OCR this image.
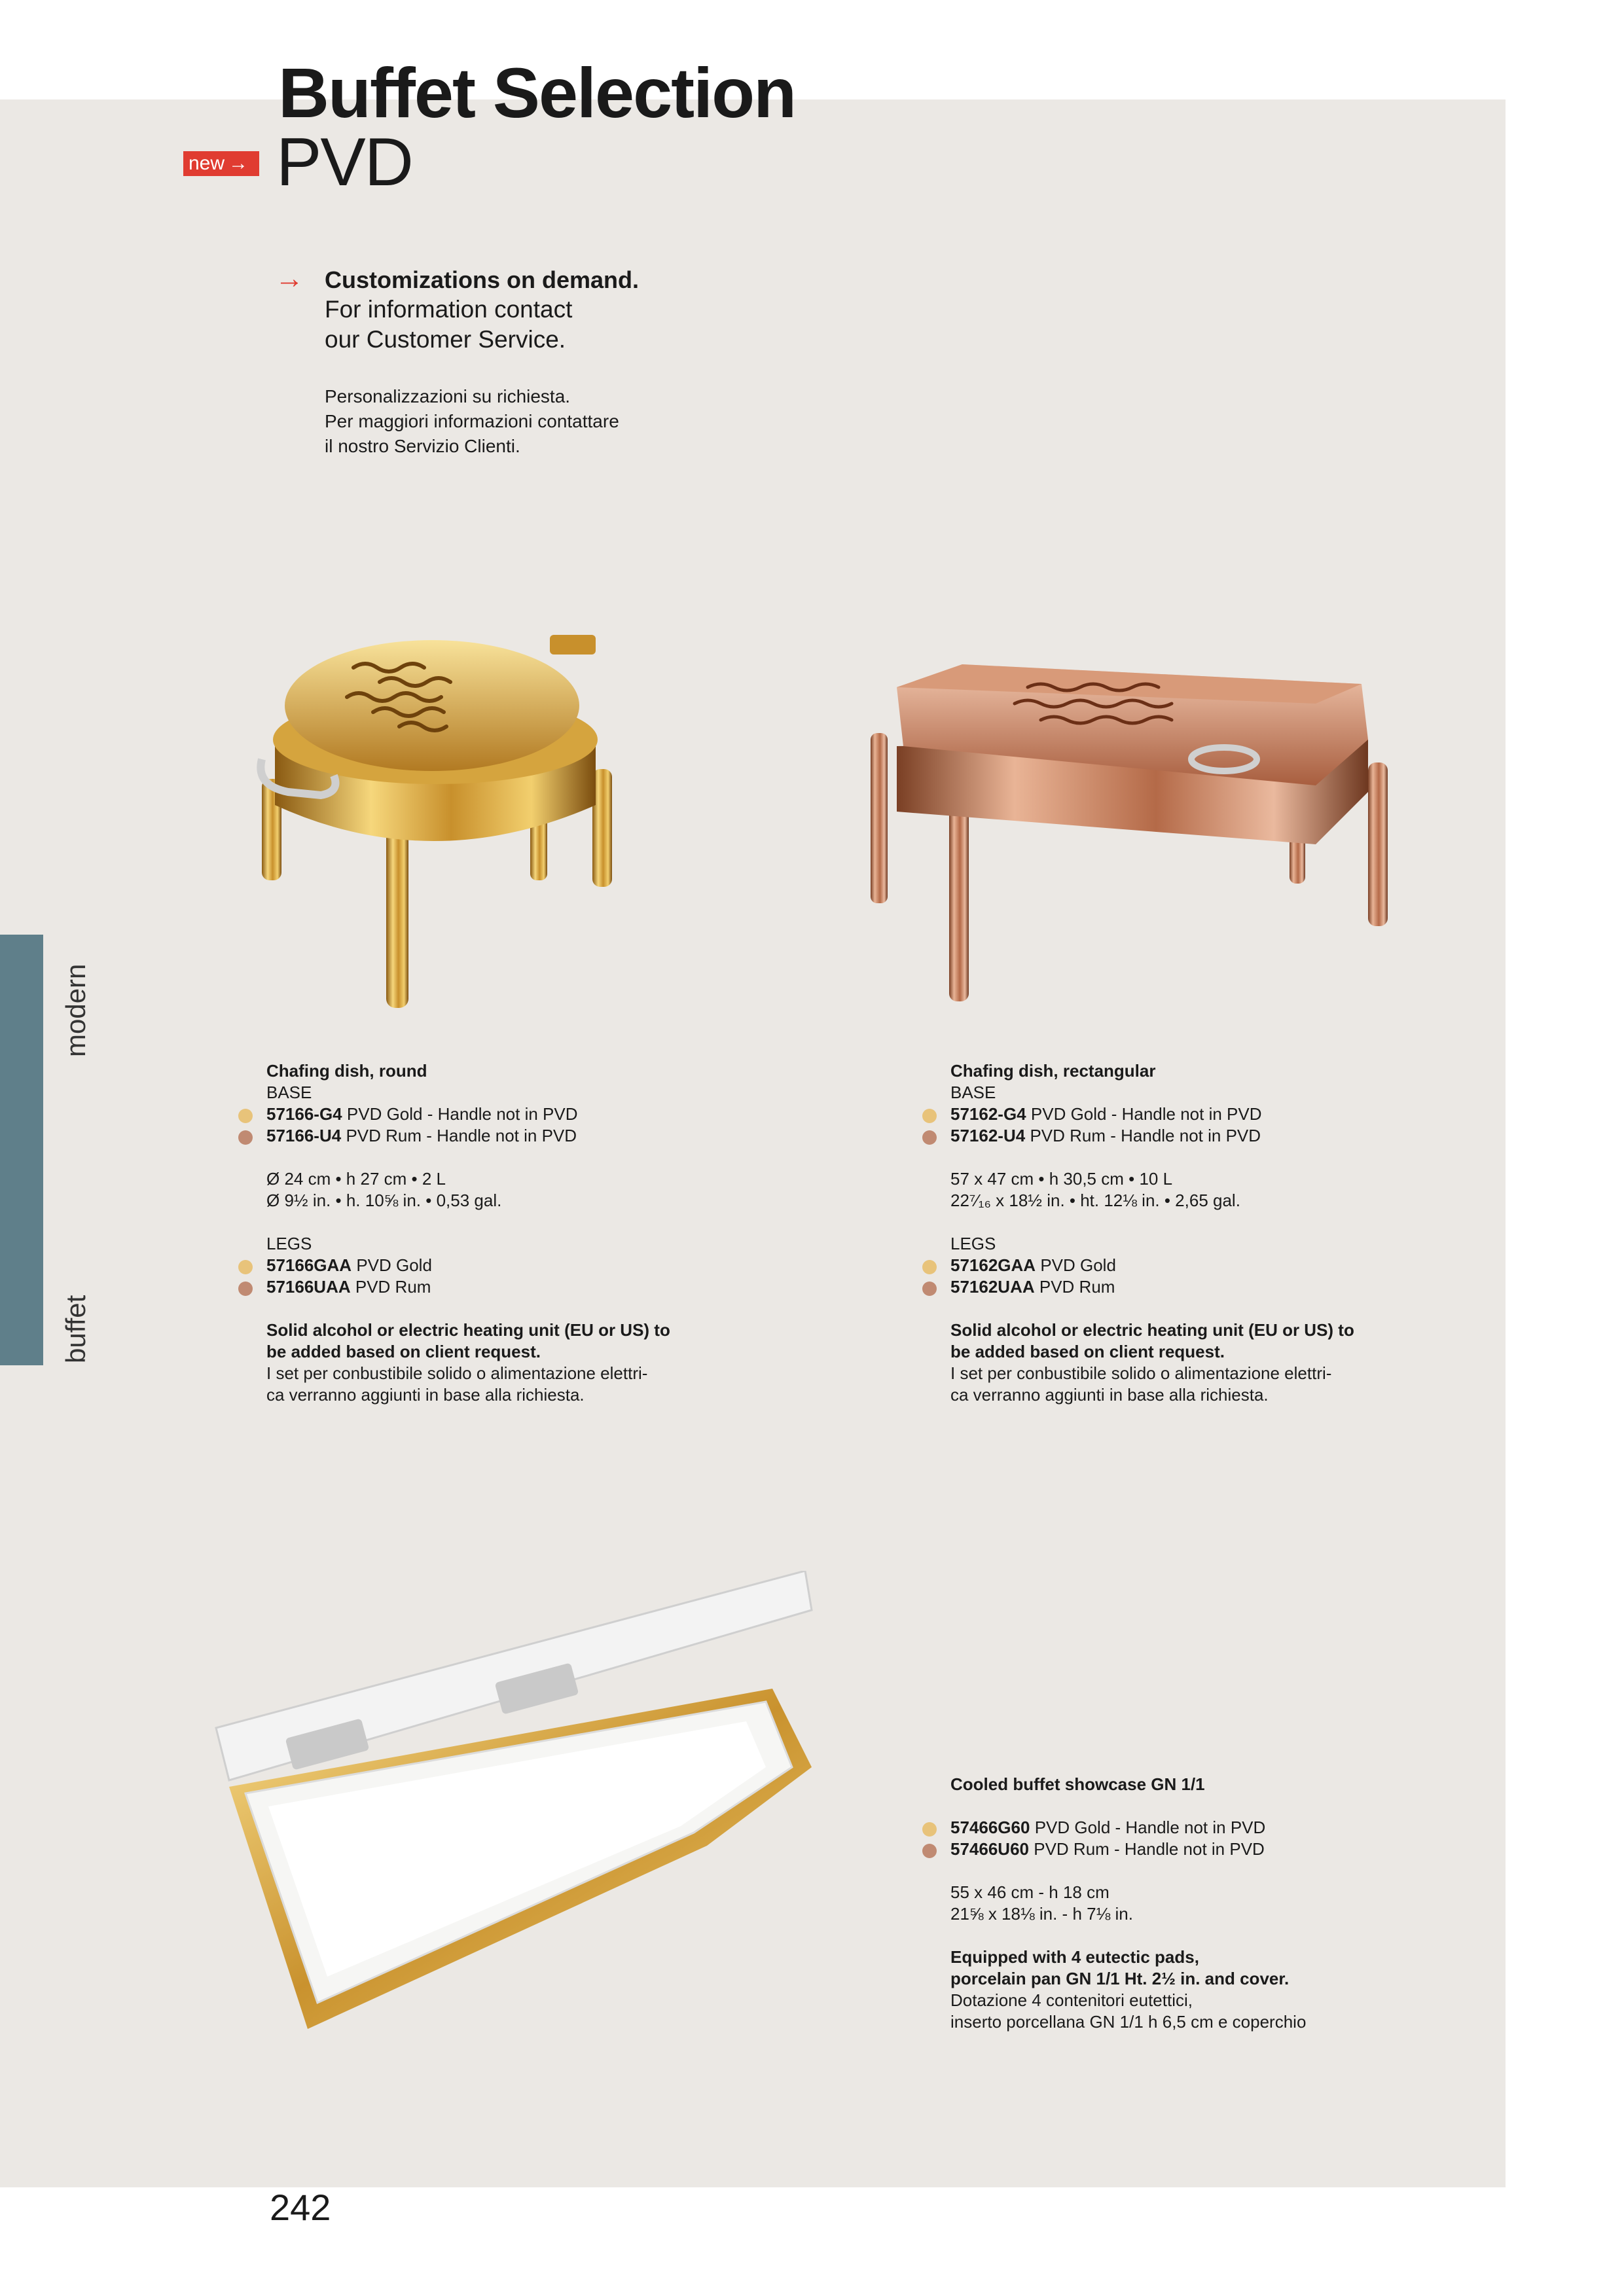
Buffet Selection
new → PVD
→ Customizations on demand.
For information contact
our Customer Service.
Personalizzazioni su richiesta.
Per maggiori informazioni contattare
il nostro Servizio Clienti.
modern
buffet
Chafing dish, round
BASE
57166-G4 PVD Gold - Handle not in PVD
57166-U4 PVD Rum - Handle not in PVD
Ø 24 cm • h 27 cm • 2 L
Ø 9½ in. • h. 10⅝ in. • 0,53 gal.
LEGS
57166GAA PVD Gold
57166UAA PVD Rum
Solid alcohol or electric heating unit (EU or US) to
be added based on client request.
I set per conbustibile solido o alimentazione elettri-
ca verranno aggiunti in base alla richiesta.
Chafing dish, rectangular
BASE
57162-G4 PVD Gold - Handle not in PVD
57162-U4 PVD Rum - Handle not in PVD
57 x 47 cm • h 30,5 cm • 10 L
22⁷⁄₁₆ x 18½ in. • ht. 12⅛ in. • 2,65 gal.
LEGS
57162GAA PVD Gold
57162UAA PVD Rum
Solid alcohol or electric heating unit (EU or US) to
be added based on client request.
I set per conbustibile solido o alimentazione elettri-
ca verranno aggiunti in base alla richiesta.
Cooled buffet showcase GN 1/1
57466G60 PVD Gold - Handle not in PVD
57466U60 PVD Rum - Handle not in PVD
55 x 46 cm - h 18 cm
21⅝ x 18⅛ in. - h 7⅛ in.
Equipped with 4 eutectic pads,
porcelain pan GN 1/1 Ht. 2½ in. and cover.
Dotazione 4 contenitori eutettici,
inserto porcellana GN 1/1 h 6,5 cm e coperchio
242
